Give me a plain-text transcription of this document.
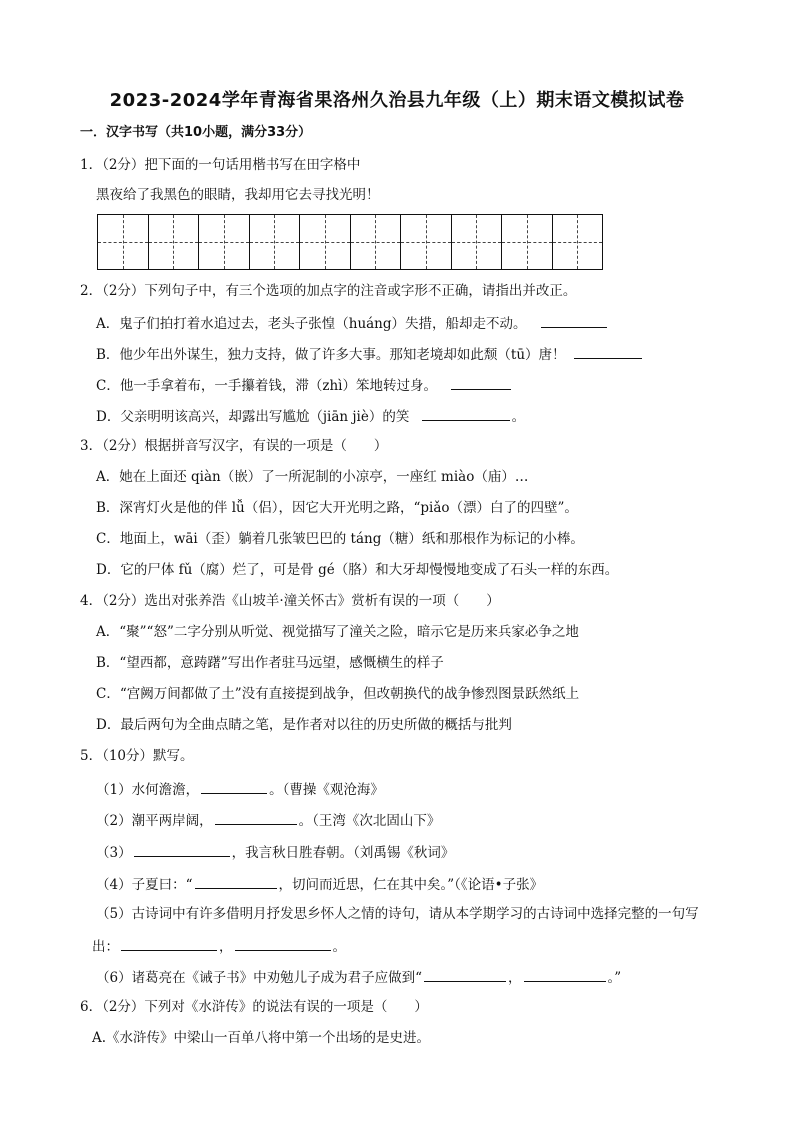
2023-2024学年青海省果洛州久治县九年级（上）期末语文模拟试卷
一．汉字书写（共10小题，满分33分）
1．（2分）把下面的一句话用楷书写在田字格中
黑夜给了我黑色的眼睛，我却用它去寻找光明！
2．（2分）下列句子中，有三个选项的加点字的注音或字形不正确，请指出并改正。
A．鬼子们拍打着水追过去，老头子张惶（huáng）失措，船却走不动。
B．他少年出外谋生，独力支持，做了许多大事。那知老境却如此颓（tū）唐！
C．他一手拿着布，一手攥着钱，滞（zhì）笨地转过身。
D．父亲明明该高兴，却露出写尴尬（jiān jiè）的笑	。
3．（2分）根据拼音写汉字，有误的一项是（　　）
A．她在上面还 qiàn（嵌）了一所泥制的小凉亭，一座红 miào（庙）…
B．深宵灯火是他的伴 lǚ（侣），因它大开光明之路，“piǎo（漂）白了的四壁”。
C．地面上，wāi（歪）躺着几张皱巴巴的 táng（糖）纸和那根作为标记的小棒。
D．它的尸体 fǔ（腐）烂了，可是骨 gé（胳）和大牙却慢慢地变成了石头一样的东西。
4．（2分）选出对张养浩《山坡羊·潼关怀古》赏析有误的一项（　　）
A．“聚”“怒”二字分别从听觉、视觉描写了潼关之险，暗示它是历来兵家必争之地
B．“望西都，意踌躇”写出作者驻马远望，感慨横生的样子
C．“宫阙万间都做了土”没有直接提到战争，但改朝换代的战争惨烈图景跃然纸上
D．最后两句为全曲点睛之笔，是作者对以往的历史所做的概括与批判
5．（10分）默写。
（1）水何澹澹，	。（曹操《观沧海》
（2）潮平两岸阔，	。（王湾《次北固山下》
（3）	，我言秋日胜春朝。（刘禹锡《秋词》
（4）子夏曰：“	，切问而近思，仁在其中矣。”（《论语•子张》
（5）古诗词中有许多借明月抒发思乡怀人之情的诗句，请从本学期学习的古诗词中选择完整的一句写
出：	，	。
（6）诸葛亮在《诫子书》中劝勉儿子成为君子应做到“	，	。”
6．（2分）下列对《水浒传》的说法有误的一项是（　　）
A.《水浒传》中梁山一百单八将中第一个出场的是史进。
